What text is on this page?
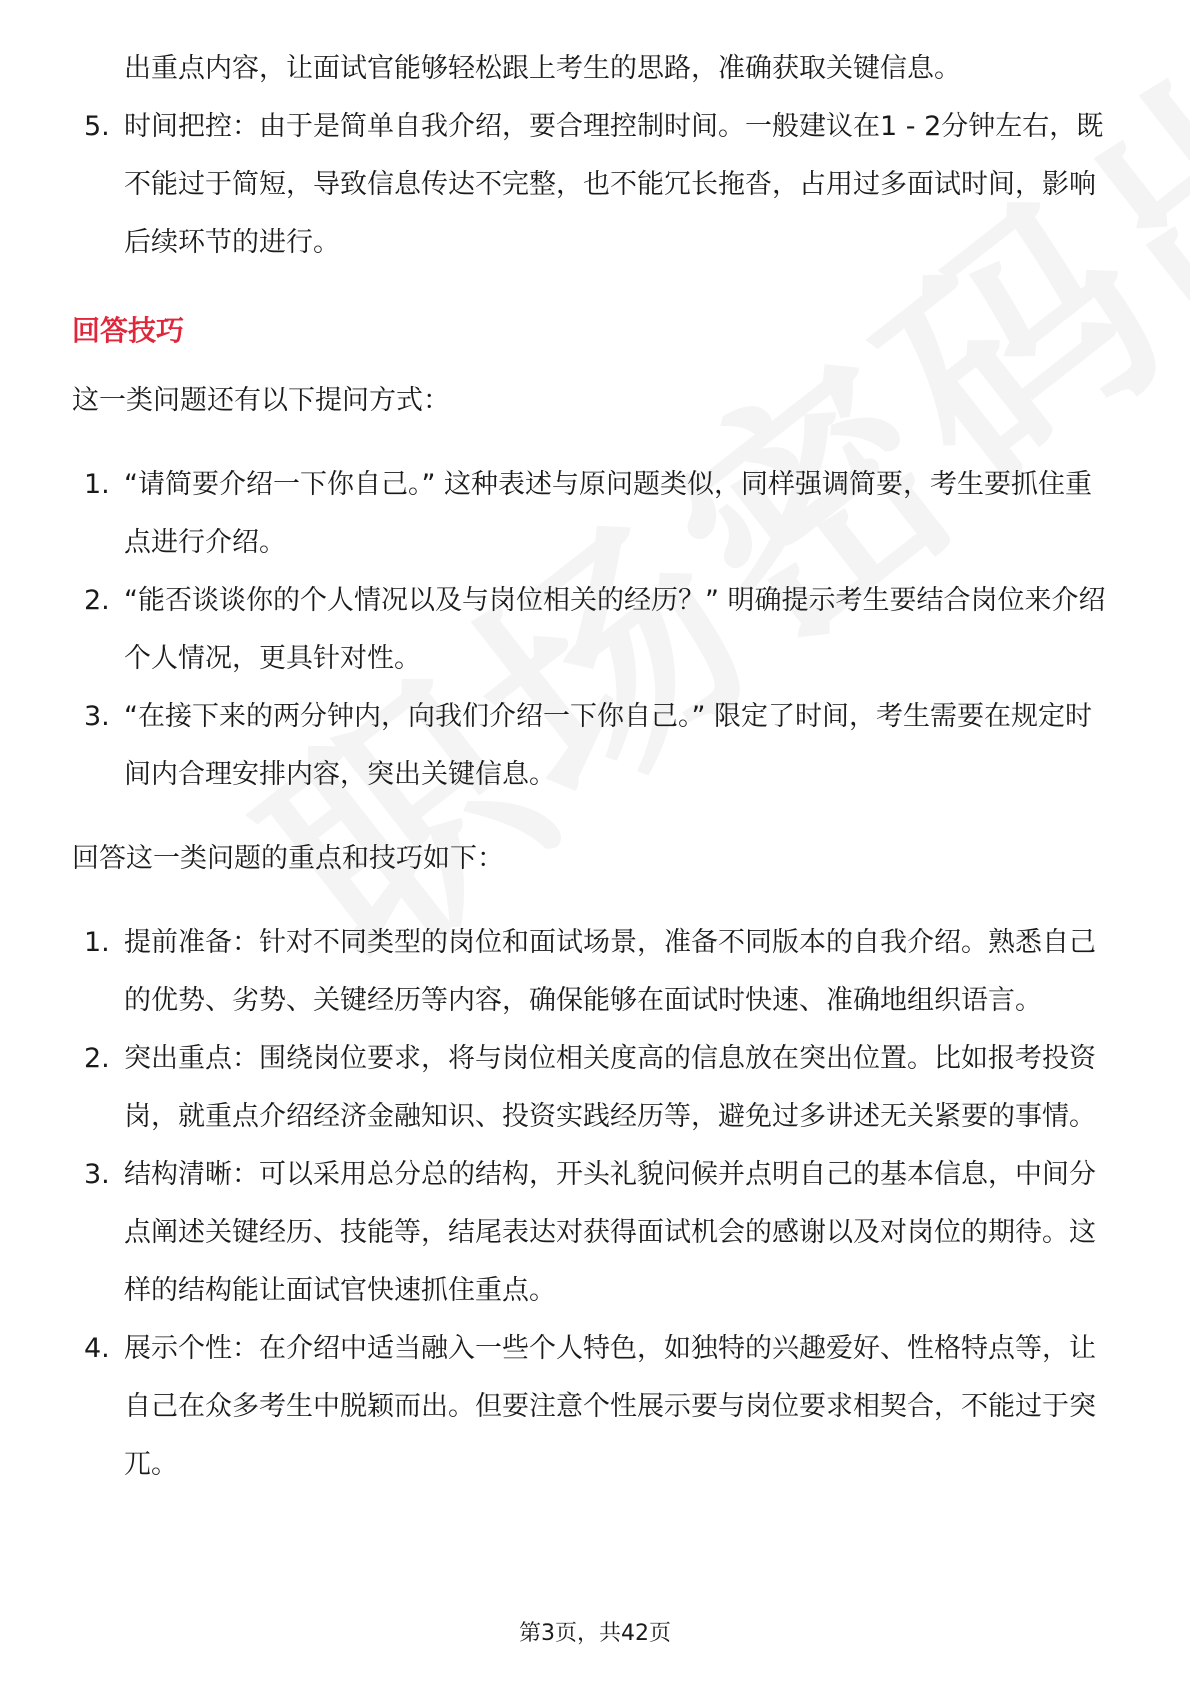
出重点内容，让面试官能够轻松跟上考生的思路，准确获取关键信息。
5. 时间把控：由于是简单自我介绍，要合理控制时间。一般建议在1 - 2分钟左右，既不能过于简短，导致信息传达不完整，也不能冗长拖沓，占用过多面试时间，影响后续环节的进行。
回答技巧

这一类问题还有以下提问方式：

1. “请简要介绍一下你自己。” 这种表述与原问题类似，同样强调简要，考生要抓住重点进行介绍。
2. “能否谈谈你的个人情况以及与岗位相关的经历？” 明确提示考生要结合岗位来介绍个人情况，更具针对性。
3. “在接下来的两分钟内，向我们介绍一下你自己。” 限定了时间，考生需要在规定时间内合理安排内容，突出关键信息。

回答这一类问题的重点和技巧如下：

1. 提前准备：针对不同类型的岗位和面试场景，准备不同版本的自我介绍。熟悉自己的优势、劣势、关键经历等内容，确保能够在面试时快速、准确地组织语言。
2. 突出重点：围绕岗位要求，将与岗位相关度高的信息放在突出位置。比如报考投资岗，就重点介绍经济金融知识、投资实践经历等，避免过多讲述无关紧要的事情。
3. 结构清晰：可以采用总分总的结构，开头礼貌问候并点明自己的基本信息，中间分点阐述关键经历、技能等，结尾表达对获得面试机会的感谢以及对岗位的期待。这样的结构能让面试官快速抓住重点。
4. 展示个性：在介绍中适当融入一些个人特色，如独特的兴趣爱好、性格特点等，让自己在众多考生中脱颖而出。但要注意个性展示要与岗位要求相契合，不能过于突兀。
第3页，共42页
